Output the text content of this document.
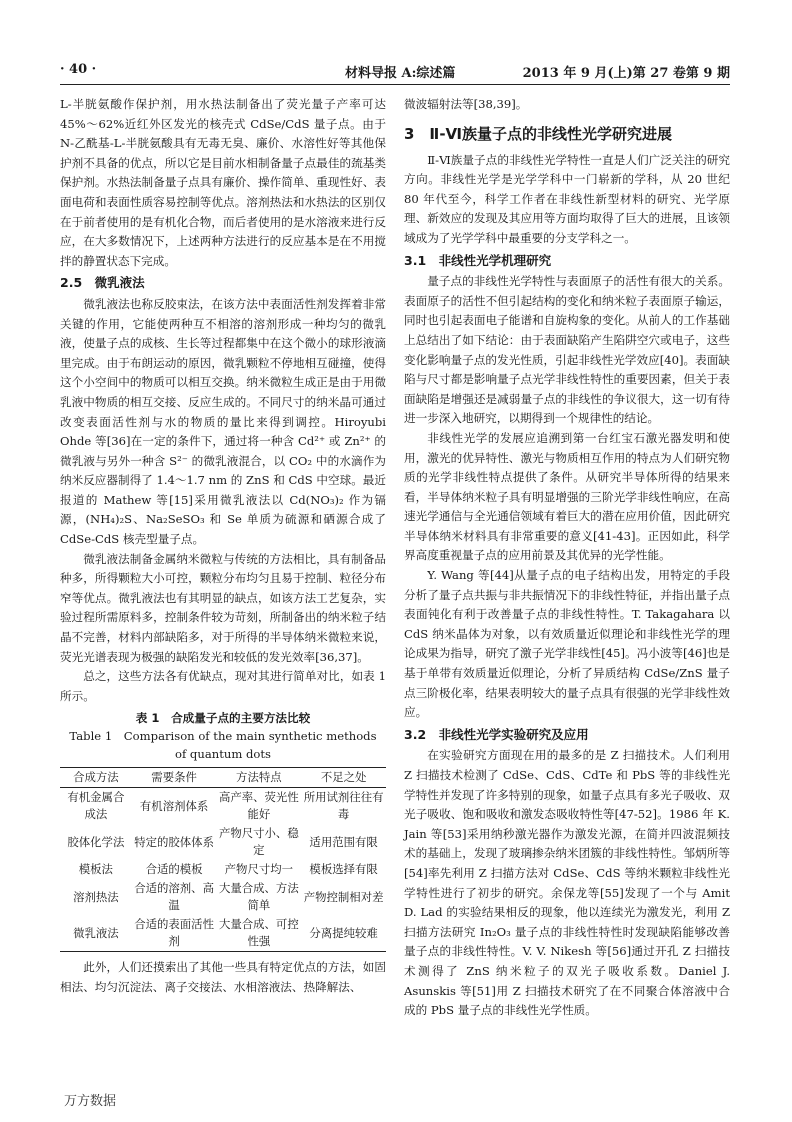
· 40 ·	材料导报 A:综述篇	2013 年 9 月(上)第 27 卷第 9 期

L-半胱氨酸作保护剂，用水热法制备出了荧光量子产率可达 45%～62%近红外区发光的核壳式 CdSe/CdS 量子点。由于 N-乙酰基-L-半胱氨酸具有无毒无臭、廉价、水溶性好等其他保护剂不具备的优点，所以它是目前水相制备量子点最佳的巯基类保护剂。水热法制备量子点具有廉价、操作简单、重现性好、表面电荷和表面性质容易控制等优点。溶剂热法和水热法的区别仅在于前者使用的是有机化合物，而后者使用的是水溶液来进行反应，在大多数情况下，上述两种方法进行的反应基本是在不用搅拌的静置状态下完成。

2.5　微乳液法

微乳液法也称反胶束法，在该方法中表面活性剂发挥着非常关键的作用，它能使两种互不相溶的溶剂形成一种均匀的微乳液，使量子点的成核、生长等过程都集中在这个微小的球形液滴里完成。由于布朗运动的原因，微乳颗粒不停地相互碰撞，使得这个小空间中的物质可以相互交换。纳米微粒生成正是由于用微乳液中物质的相互交接、反应生成的。不同尺寸的纳米晶可通过改变表面活性剂与水的物质的量比来得到调控。Hiroyubi Ohde 等[36]在一定的条件下，通过将一种含 Cd²⁺ 或 Zn²⁺ 的微乳液与另外一种含 S²⁻ 的微乳液混合，以 CO₂ 中的水滴作为纳米反应器制得了 1.4～1.7 nm 的 ZnS 和 CdS 中空球。最近报道的 Mathew 等[15]采用微乳液法以 Cd(NO₃)₂ 作为镉源，(NH₄)₂S、Na₂SeSO₃ 和 Se 单质为硫源和硒源合成了 CdSe-CdS 核壳型量子点。

微乳液法制备金属纳米微粒与传统的方法相比，具有制备品种多，所得颗粒大小可控，颗粒分布均匀且易于控制、粒径分布窄等优点。微乳液法也有其明显的缺点，如该方法工艺复杂，实验过程所需原料多，控制条件较为苛刻，所制备出的纳米粒子结晶不完善，材料内部缺陷多，对于所得的半导体纳米微粒来说，荧光光谱表现为极强的缺陷发光和较低的发光效率[36,37]。

总之，这些方法各有优缺点，现对其进行简单对比，如表 1 所示。

表 1　合成量子点的主要方法比较
Table 1　Comparison of the main synthetic methods
of quantum dots
合成方法	需要条件	方法特点	不足之处
有机金属合成法	有机溶剂体系	高产率、荧光性能好	所用试剂往往有毒
胶体化学法	特定的胶体体系	产物尺寸小、稳定	适用范围有限
模板法	合适的模板	产物尺寸均一	模板选择有限
溶剂热法	合适的溶剂、高温	大量合成、方法简单	产物控制相对差
微乳液法	合适的表面活性剂	大量合成、可控性强	分离提纯较难

此外，人们还摸索出了其他一些具有特定优点的方法，如固相法、均匀沉淀法、离子交接法、水相溶液法、热降解法、

微波辐射法等[38,39]。

3　Ⅱ-Ⅵ族量子点的非线性光学研究进展

Ⅱ-Ⅵ族量子点的非线性光学特性一直是人们广泛关注的研究方向。非线性光学是光学学科中一门崭新的学科，从 20 世纪 80 年代至今，科学工作者在非线性新型材料的研究、光学原理、新效应的发现及其应用等方面均取得了巨大的进展，且该领域成为了光学学科中最重要的分支学科之一。

3.1　非线性光学机理研究

量子点的非线性光学特性与表面原子的活性有很大的关系。表面原子的活性不但引起结构的变化和纳米粒子表面原子输运，同时也引起表面电子能谱和自旋构象的变化。从前人的工作基础上总结出了如下结论：由于表面缺陷产生陷阱空穴或电子，这些变化影响量子点的发光性质，引起非线性光学效应[40]。表面缺陷与尺寸都是影响量子点光学非线性特性的重要因素，但关于表面缺陷是增强还是减弱量子点的非线性的争议很大，这一切有待进一步深入地研究，以期得到一个规律性的结论。

非线性光学的发展应追溯到第一台红宝石激光器发明和使用，激光的优异特性、激光与物质相互作用的特点为人们研究物质的光学非线性特点提供了条件。从研究半导体所得的结果来看，半导体纳米粒子具有明显增强的三阶光学非线性响应，在高速光学通信与全光通信领域有着巨大的潜在应用价值，因此研究半导体纳米材料具有非常重要的意义[41-43]。正因如此，科学界高度重视量子点的应用前景及其优异的光学性能。

Y. Wang 等[44]从量子点的电子结构出发，用特定的手段分析了量子点共振与非共振情况下的非线性特征，并指出量子点表面钝化有利于改善量子点的非线性特性。T. Takagahara 以CdS 纳米晶体为对象，以有效质量近似理论和非线性光学的理论成果为指导，研究了激子光学非线性[45]。冯小波等[46]也是基于单带有效质量近似理论，分析了异质结构 CdSe/ZnS 量子点三阶极化率，结果表明较大的量子点具有很强的光学非线性效应。

3.2　非线性光学实验研究及应用

在实验研究方面现在用的最多的是 Z 扫描技术。人们利用 Z 扫描技术检测了 CdSe、CdS、CdTe 和 PbS 等的非线性光学特性并发现了许多特别的现象，如量子点具有多光子吸收、双光子吸收、饱和吸收和激发态吸收特性等[47-52]。1986 年 K. Jain 等[53]采用纳秒激光器作为激发光源，在简并四波混频技术的基础上，发现了玻璃掺杂纳米团簇的非线性特性。邹炳所等[54]率先利用 Z 扫描方法对 CdSe、CdS 等纳米颗粒非线性光学特性进行了初步的研究。余保龙等[55]发现了一个与 Amit D. Lad 的实验结果相反的现象，他以连续光为激发光，利用 Z 扫描方法研究 In₂O₃ 量子点的非线性特性时发现缺陷能够改善量子点的非线性特性。V. V. Nikesh 等[56]通过开孔 Z 扫描技术测得了 ZnS 纳米粒子的双光子吸收系数。Daniel J. Asunskis 等[51]用 Z 扫描技术研究了在不同聚合体溶液中合成的 PbS 量子点的非线性光学性质。

万方数据
